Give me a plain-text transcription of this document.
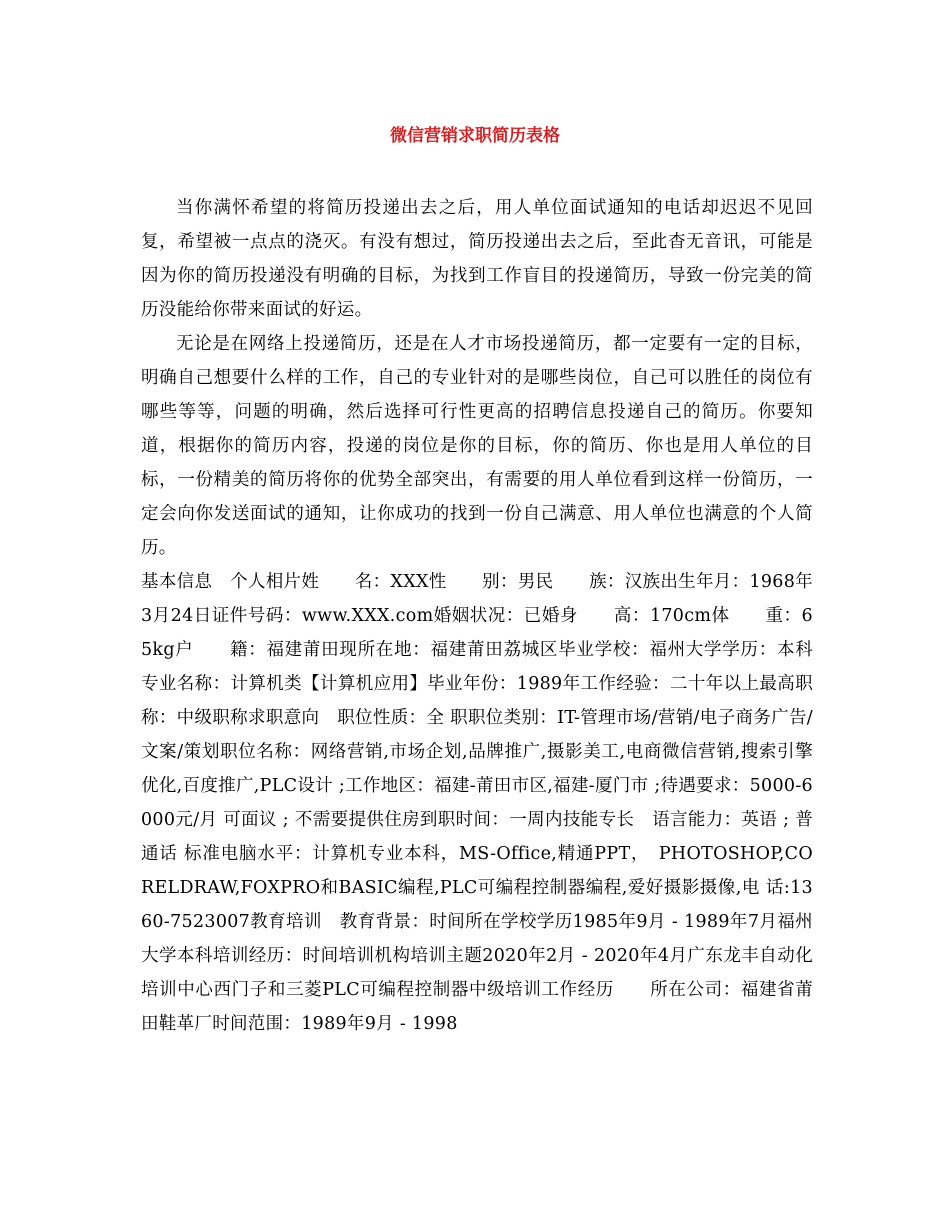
微信营销求职简历表格

当你满怀希望的将简历投递出去之后，用人单位面试通知的电话却迟迟不见回复，希望被一点点的浇灭。有没有想过，简历投递出去之后，至此杳无音讯，可能是因为你的简历投递没有明确的目标，为找到工作盲目的投递简历，导致一份完美的简历没能给你带来面试的好运。

无论是在网络上投递简历，还是在人才市场投递简历，都一定要有一定的目标，明确自己想要什么样的工作，自己的专业针对的是哪些岗位，自己可以胜任的岗位有哪些等等，问题的明确，然后选择可行性更高的招聘信息投递自己的简历。你要知道，根据你的简历内容，投递的岗位是你的目标，你的简历、你也是用人单位的目标，一份精美的简历将你的优势全部突出，有需要的用人单位看到这样一份简历，一定会向你发送面试的通知，让你成功的找到一份自己满意、用人单位也满意的个人简历。

基本信息　个人相片姓　　名：XXX性　　别：男民　　族：汉族出生年月：1968年3月24日证件号码：www.XXX.com婚姻状况：已婚身　　高：170cm体　　重：65kg户　　籍：福建莆田现所在地：福建莆田荔城区毕业学校：福州大学学历：本科专业名称：计算机类【计算机应用】毕业年份：1989年工作经验：二十年以上最高职称：中级职称求职意向　职位性质：全 职职位类别：IT-管理市场/营销/电子商务广告/文案/策划职位名称：网络营销,市场企划,品牌推广,摄影美工,电商微信营销,搜索引擎优化,百度推广,PLC设计 ;工作地区：福建-莆田市区,福建-厦门市 ;待遇要求：5000-6000元/月 可面议 ; 不需要提供住房到职时间：一周内技能专长　语言能力：英语 ; 普通话 标准电脑水平：计算机专业本科，MS-Office,精通PPT，　PHOTOSHOP,CORELDRAW,FOXPRO和BASIC编程,PLC可编程控制器编程,爱好摄影摄像,电 话:1360-7523007教育培训　教育背景：时间所在学校学历1985年9月 - 1989年7月福州大学本科培训经历：时间培训机构培训主题2020年2月 - 2020年4月广东龙丰自动化培训中心西门子和三菱PLC可编程控制器中级培训工作经历　　所在公司：福建省莆田鞋革厂时间范围：1989年9月 - 1998
